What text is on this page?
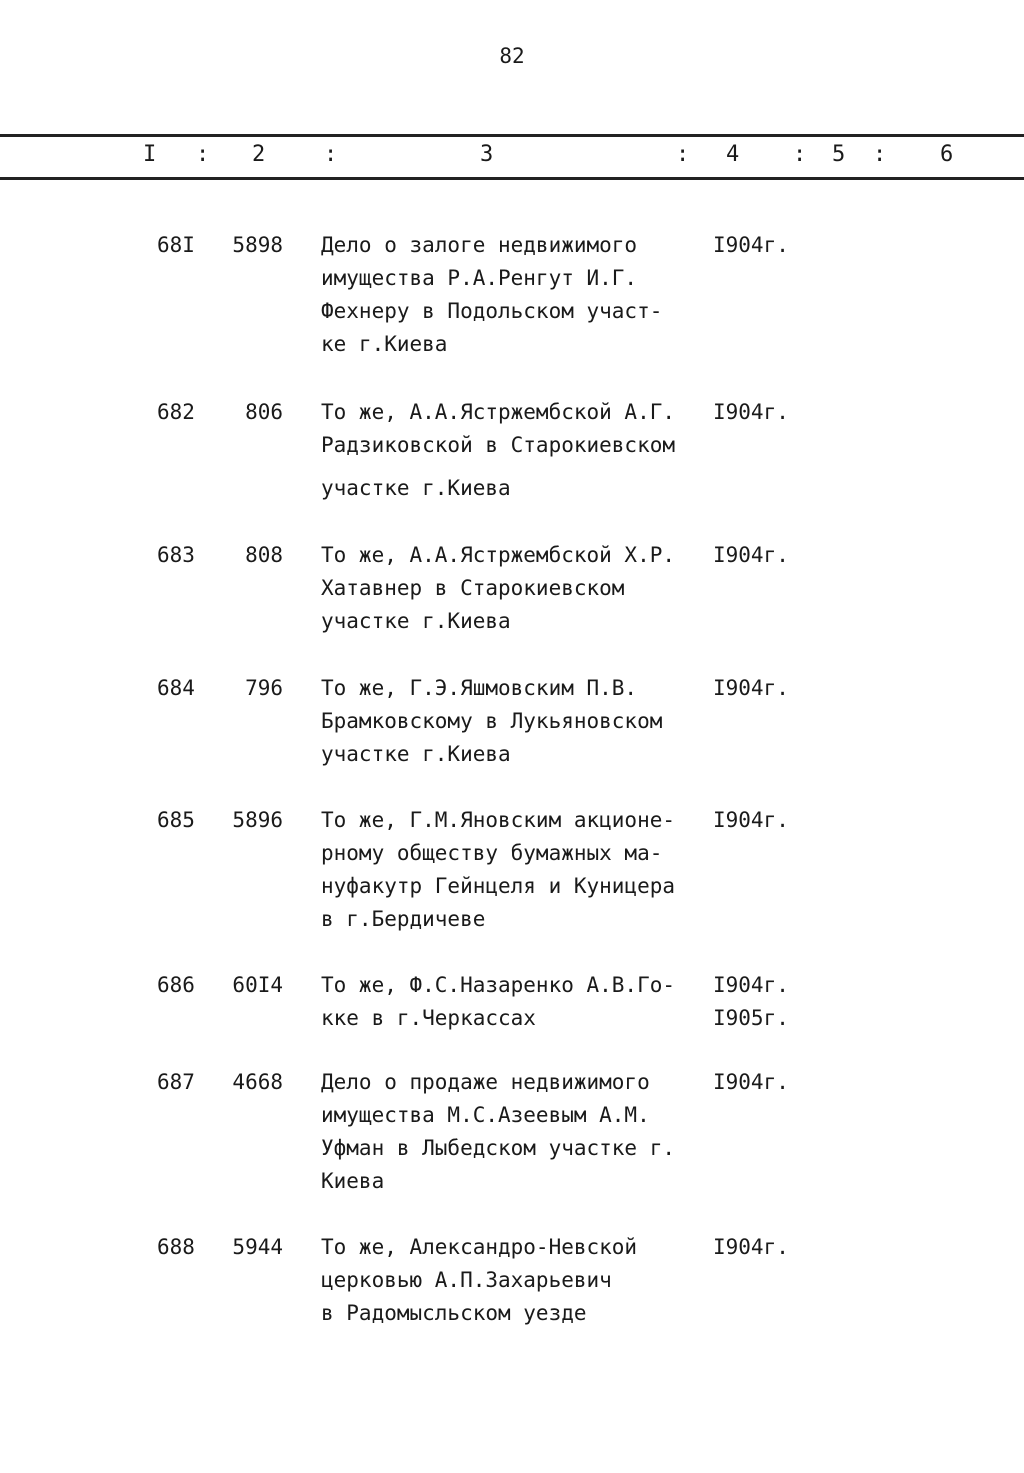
82
I : 2	:	3	: 4 : 5 : 6
68I	5898 Дело о залоге недвижимого
имущества Р.А.Ренгут И.Г.
Фехнеру в Подольском участ-
ке г.Киева
I904г.
682	806 То же, А.А.Ястржембской А.Г.
Радзиковской в Старокиевском
участке г.Киева
I904г.
683	808 То же, А.А.Ястржембской Х.Р.
Хатавнер в Старокиевском
участке г.Киева
I904г.
684	796 То же, Г.Э.Яшмовским П.В.
Брамковскому в Лукьяновском
участке г.Киева
I904г.
685	5896 То же, Г.М.Яновским акционе-
рному обществу бумажных ма-
нуфакутр Гейнцеля и Куницера
в г.Бердичеве
I904г.
686	60I4 То же, Ф.С.Назаренко А.В.Го-
кке в г.Черкассах
I904г.
I905г.
687	4668 Дело о продаже недвижимого
имущества М.С.Азеевым А.М.
Уфман в Лыбедском участке г.
Киева
I904г.
688	5944 То же, Александро-Невской
церковью А.П.Захарьевич
в Радомысльском уезде
I904г.
